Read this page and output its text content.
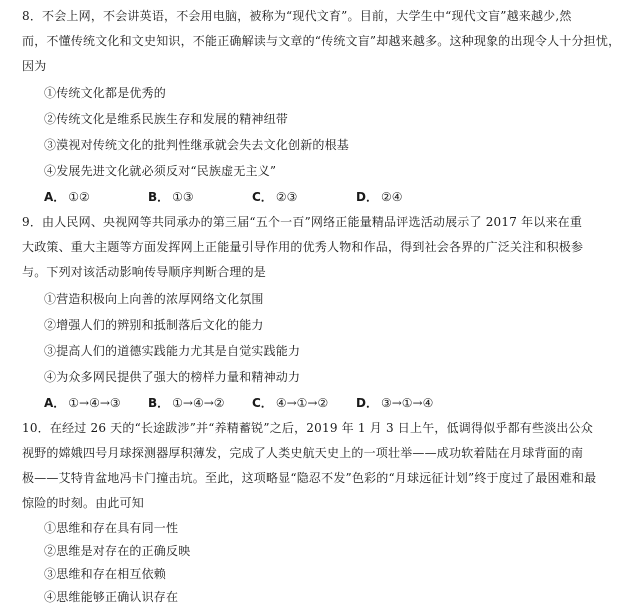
8．不会上网，不会讲英语，不会用电脑，被称为“现代文育”。目前，大学生中“现代文盲”越来越少,然
而，不懂传统文化和文史知识，不能正确解读与文章的“传统文盲”却越来越多。这种现象的出现令人十分担忧，
因为
①传统文化都是优秀的
②传统文化是维系民族生存和发展的精神纽带
③漠视对传统文化的批判性继承就会失去文化创新的根基
④发展先进文化就必须反对“民族虚无主义”
A． ①②	B． ①③	C． ②③	D． ②④
9．由人民网、央视网等共同承办的第三届“五个一百”网络正能量精品评选活动展示了 2017 年以来在重
大政策、重大主题等方面发挥网上正能量引导作用的优秀人物和作品，得到社会各界的广泛关注和积极参
与。下列对该活动影响传导顺序判断合理的是
①营造积极向上向善的浓厚网络文化氛围
②增强人们的辨别和抵制落后文化的能力
③提高人们的道德实践能力尤其是自觉实践能力
④为众多网民提供了强大的榜样力量和精神动力
A． ①→④→③ B． ①→④→② C． ④→①→② D． ③→①→④
10．在经过 26 天的“长途跋涉”并“养精蓄锐”之后，2019 年 1 月 3 日上午，低调得似乎都有些淡出公众
视野的嫦娥四号月球探测器厚积薄发，完成了人类史航天史上的一项壮举——成功软着陆在月球背面的南
极——艾特肯盆地冯卡门撞击坑。至此，这项略显“隐忍不发”色彩的“月球远征计划”终于度过了最困难和最
惊险的时刻。由此可知
①思维和存在具有同一性
②思维是对存在的正确反映
③思维和存在相互依赖
④思维能够正确认识存在
